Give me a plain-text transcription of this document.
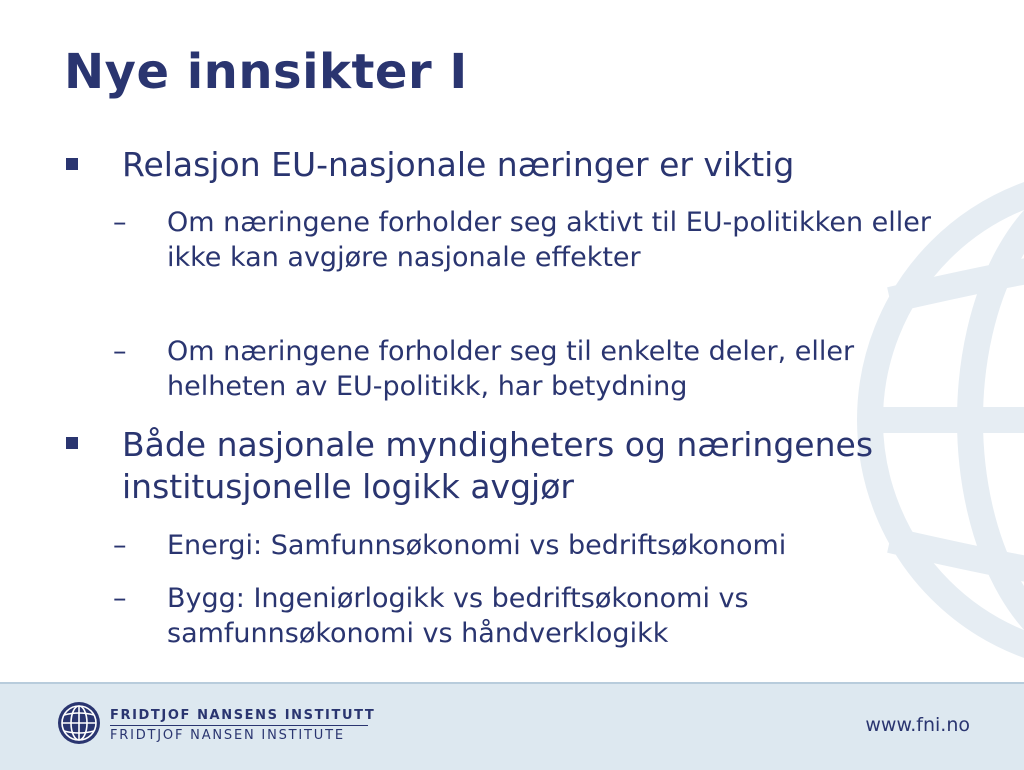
Nye innsikter I
Relasjon EU-nasjonale næringer er viktig
– Om næringene forholder seg aktivt til EU-politikken eller ikke kan avgjøre nasjonale effekter
– Om næringene forholder seg til enkelte deler, eller helheten av EU-politikk, har betydning
Både nasjonale myndigheters og næringenes institusjonelle logikk avgjør
– Energi: Samfunnsøkonomi vs bedriftsøkonomi
– Bygg: Ingeniørlogikk vs bedriftsøkonomi vs samfunnsøkonomi vs håndverklogikk
FRIDTJOF NANSENS INSTITUTT
FRIDTJOF NANSEN INSTITUTE	www.fni.no
